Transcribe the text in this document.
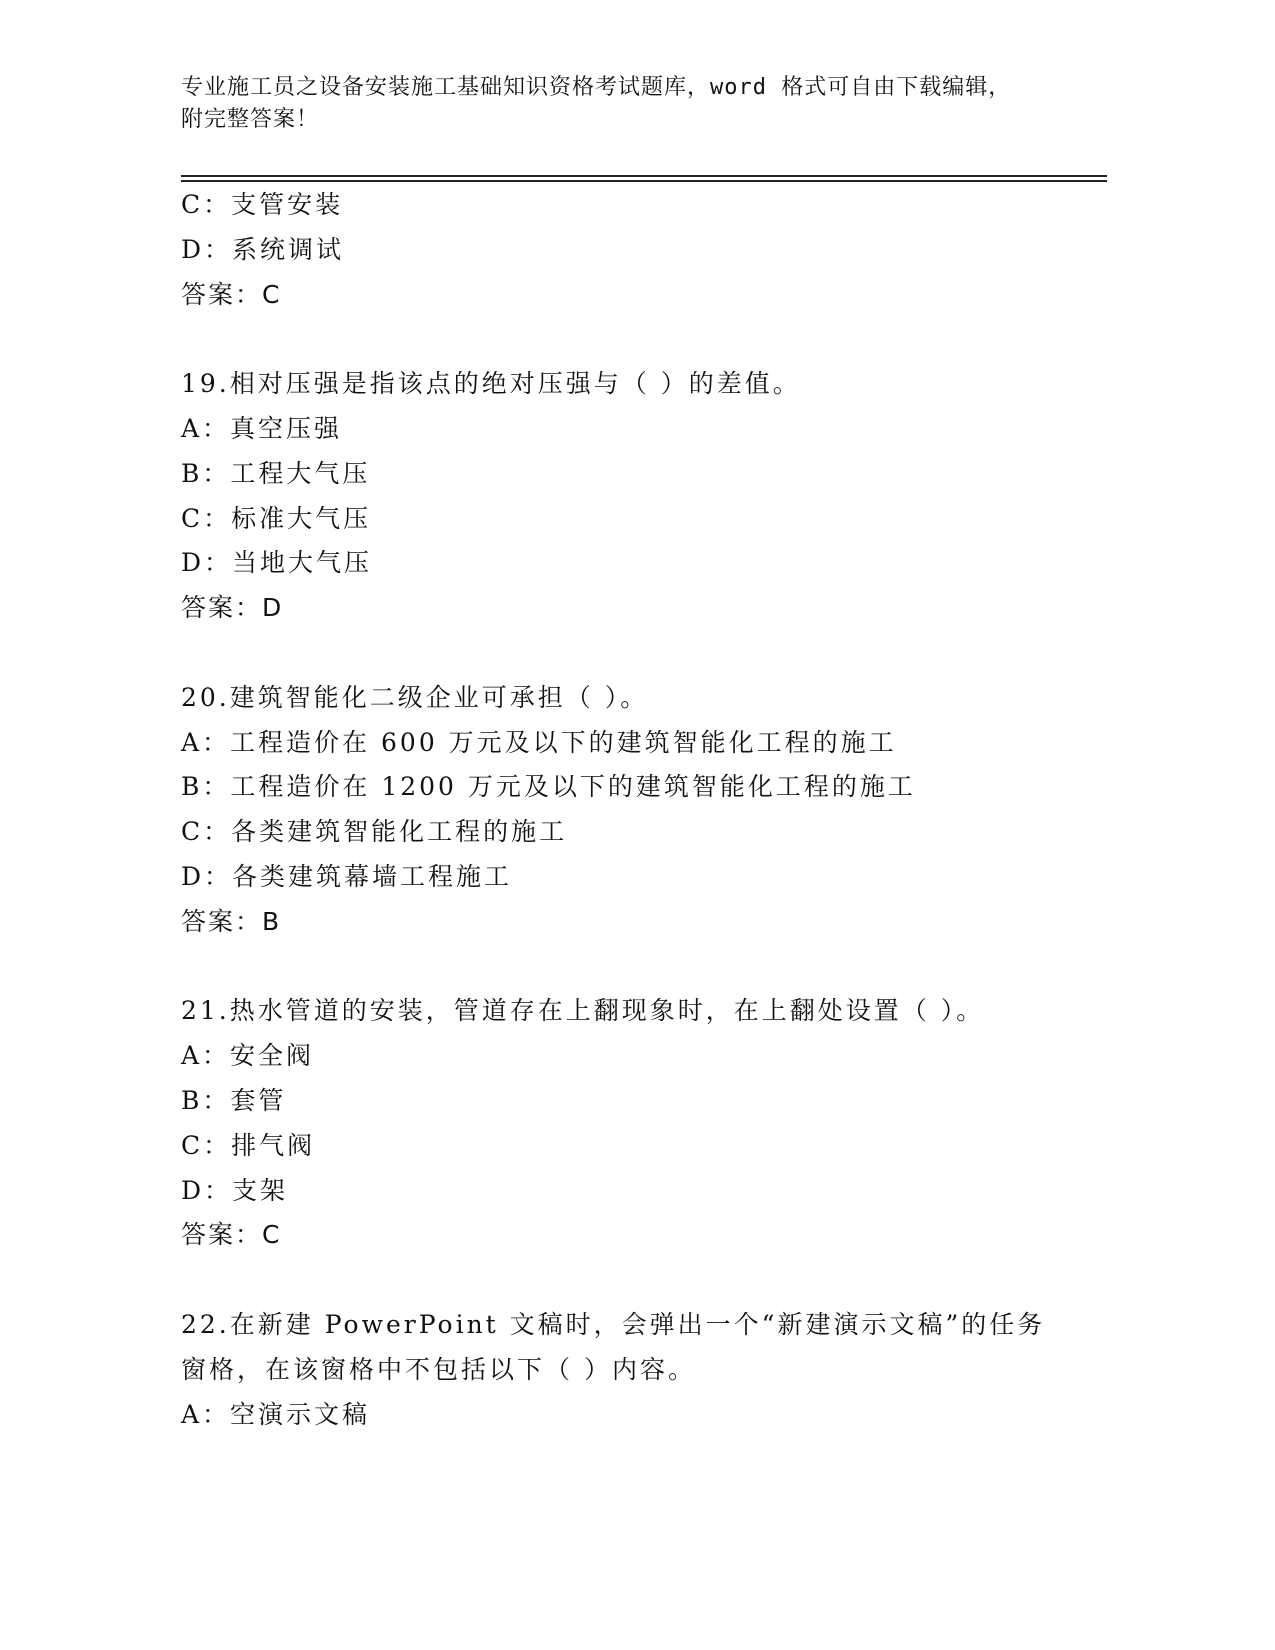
专业施工员之设备安装施工基础知识资格考试题库，word 格式可自由下载编辑，
附完整答案！
C：支管安装
D：系统调试
答案：C
19.相对压强是指该点的绝对压强与（ ）的差值。
A：真空压强
B：工程大气压
C：标准大气压
D：当地大气压
答案：D
20.建筑智能化二级企业可承担（ ）。
A：工程造价在 600 万元及以下的建筑智能化工程的施工
B：工程造价在 1200 万元及以下的建筑智能化工程的施工
C：各类建筑智能化工程的施工
D：各类建筑幕墙工程施工
答案：B
21.热水管道的安装，管道存在上翻现象时，在上翻处设置（ ）。
A：安全阀
B：套管
C：排气阀
D：支架
答案：C
22.在新建 PowerPoint 文稿时，会弹出一个“新建演示文稿”的任务
窗格，在该窗格中不包括以下（ ）内容。
A：空演示文稿
